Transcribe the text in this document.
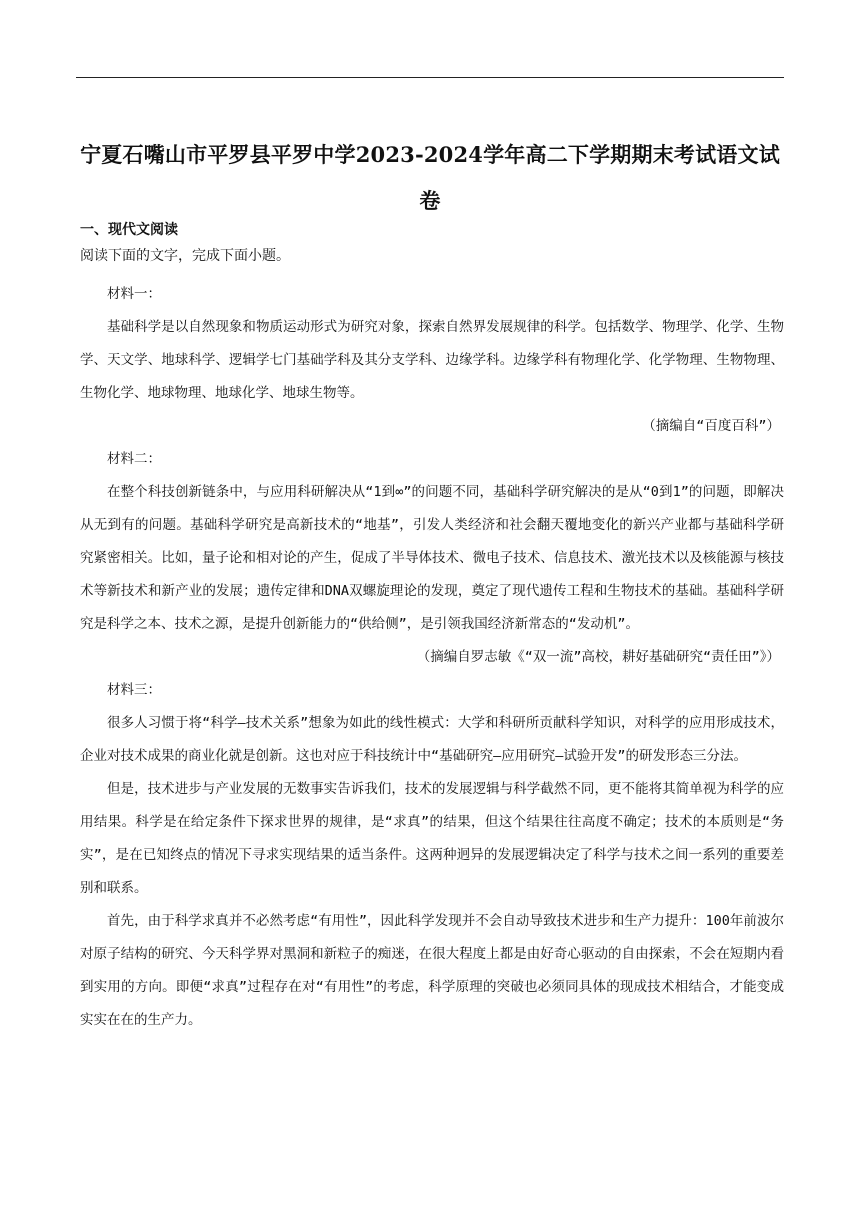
宁夏石嘴山市平罗县平罗中学2023-2024学年高二下学期期末考试语文试卷
一、现代文阅读
阅读下面的文字，完成下面小题。

材料一：

基础科学是以自然现象和物质运动形式为研究对象，探索自然界发展规律的科学。包括数学、物理学、化学、生物学、天文学、地球科学、逻辑学七门基础学科及其分支学科、边缘学科。边缘学科有物理化学、化学物理、生物物理、生物化学、地球物理、地球化学、地球生物等。

（摘编自“百度百科”）

材料二：

在整个科技创新链条中，与应用科研解决从“1到∞”的问题不同，基础科学研究解决的是从“0到1”的问题，即解决从无到有的问题。基础科学研究是高新技术的“地基”，引发人类经济和社会翻天覆地变化的新兴产业都与基础科学研究紧密相关。比如，量子论和相对论的产生，促成了半导体技术、微电子技术、信息技术、激光技术以及核能源与核技术等新技术和新产业的发展；遗传定律和DNA双螺旋理论的发现，奠定了现代遗传工程和生物技术的基础。基础科学研究是科学之本、技术之源，是提升创新能力的“供给侧”，是引领我国经济新常态的“发动机”。

（摘编自罗志敏《“双一流”高校，耕好基础研究“责任田”》）

材料三：

很多人习惯于将“科学—技术关系”想象为如此的线性模式：大学和科研所贡献科学知识，对科学的应用形成技术，企业对技术成果的商业化就是创新。这也对应于科技统计中“基础研究—应用研究—试验开发”的研发形态三分法。

但是，技术进步与产业发展的无数事实告诉我们，技术的发展逻辑与科学截然不同，更不能将其简单视为科学的应用结果。科学是在给定条件下探求世界的规律，是“求真”的结果，但这个结果往往高度不确定；技术的本质则是“务实”，是在已知终点的情况下寻求实现结果的适当条件。这两种迥异的发展逻辑决定了科学与技术之间一系列的重要差别和联系。

首先，由于科学求真并不必然考虑“有用性”，因此科学发现并不会自动导致技术进步和生产力提升：100年前波尔对原子结构的研究、今天科学界对黑洞和新粒子的痴迷，在很大程度上都是由好奇心驱动的自由探索，不会在短期内看到实用的方向。即便“求真”过程存在对“有用性”的考虑，科学原理的突破也必须同具体的现成技术相结合，才能变成实实在在的生产力。
